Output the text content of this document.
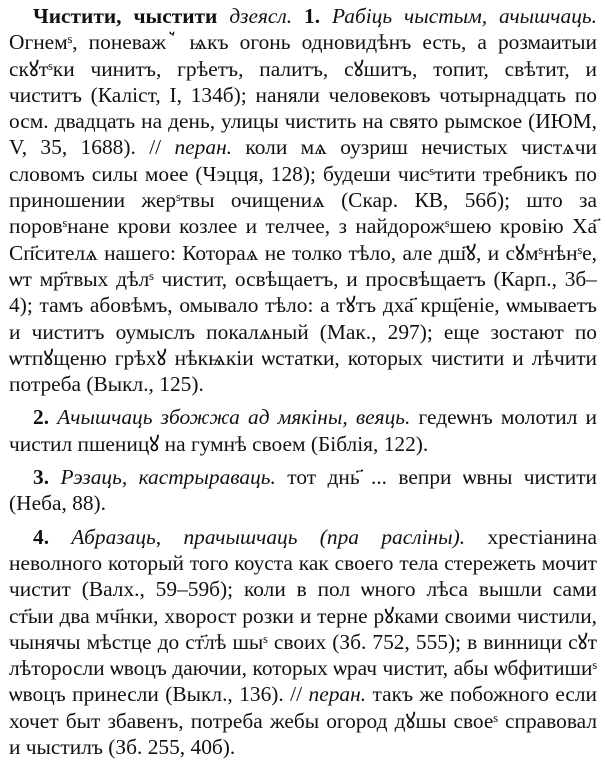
Чистити, чыстити дзеясл. 1. Рабіць чыстым, ачышчаць. Огнемˢ, поневажꙿ ѩкъ огонь одновидѣнъ есть, а розмаитыи скꙋтˢки чинитъ, грѣетъ, палитъ, сꙋшитъ, топит, свѣтит, и чиститъ (Каліст, I, 134б); наняли человековъ чотырнадцать по осм. двадцать на день, улицы чистить на свято рымское (ИЮМ, V, 35, 1688). // перан. коли мѧ оузриш нечистых чистѧчи словомъ силы моее (Чэцця, 128); будеши чисˢтити требникъ по приношении жерˢтвы очищениѧ (Скар. КВ, 56б); што за поровˢнане крови козлее и телчее, з найдорожˢшею кровію Ха҃ Сп҃сителѧ нашего: Котораѧ не толко тѣло, але дш҃ꙋ, и сꙋмˢнѣнˢе, ѡт мр҃твых дѣлˢ чистит, освѣщаетъ, и просвѣщаетъ (Карп., 3б–4); тамъ абовѣмъ, омывало тѣло: а тꙋтъ дха҃ крщ҃еніе, ѡмываетъ и чиститъ оумыслъ покалѧный (Мак., 297); еще зостают по ѡтпꙋщеню грѣхꙋ нѣкѩкіи ѡстатки, которых чистити и лѣчити потреба (Выкл., 125).

2. Ачышчаць збожжа ад мякіны, веяць. гедеѡнъ молотил и чистил пшеницꙋ на гумнѣ своем (Біблія, 122).

3. Рэзаць, кастрыраваць. тот днь҃ ... вепри ѡвны чистити (Неба, 88).

4. Абразаць, прачышчаць (пра расліны). хрестіанина неволного который того коуста как своего тела стережеть мочит чистит (Валх., 59–59б); коли в пол ѡного лѣса вышли сами ст҃ыи два мч҃нки, хворост розки и терне рꙋками своими чистили, чынячы мѣстце до ст҃лѣ шыˢ своих (Зб. 752, 555); в винници сꙋт лѣторосли ѡвоцъ даючии, которых ѡрач чистит, абы ѡбфитишиˢ ѡвоцъ принесли (Выкл., 136). // перан. такъ же побожного если хочет быт збавенъ, потреба жебы огород дꙋшы своеˢ справовал и чыстилъ (Зб. 255, 40б).
